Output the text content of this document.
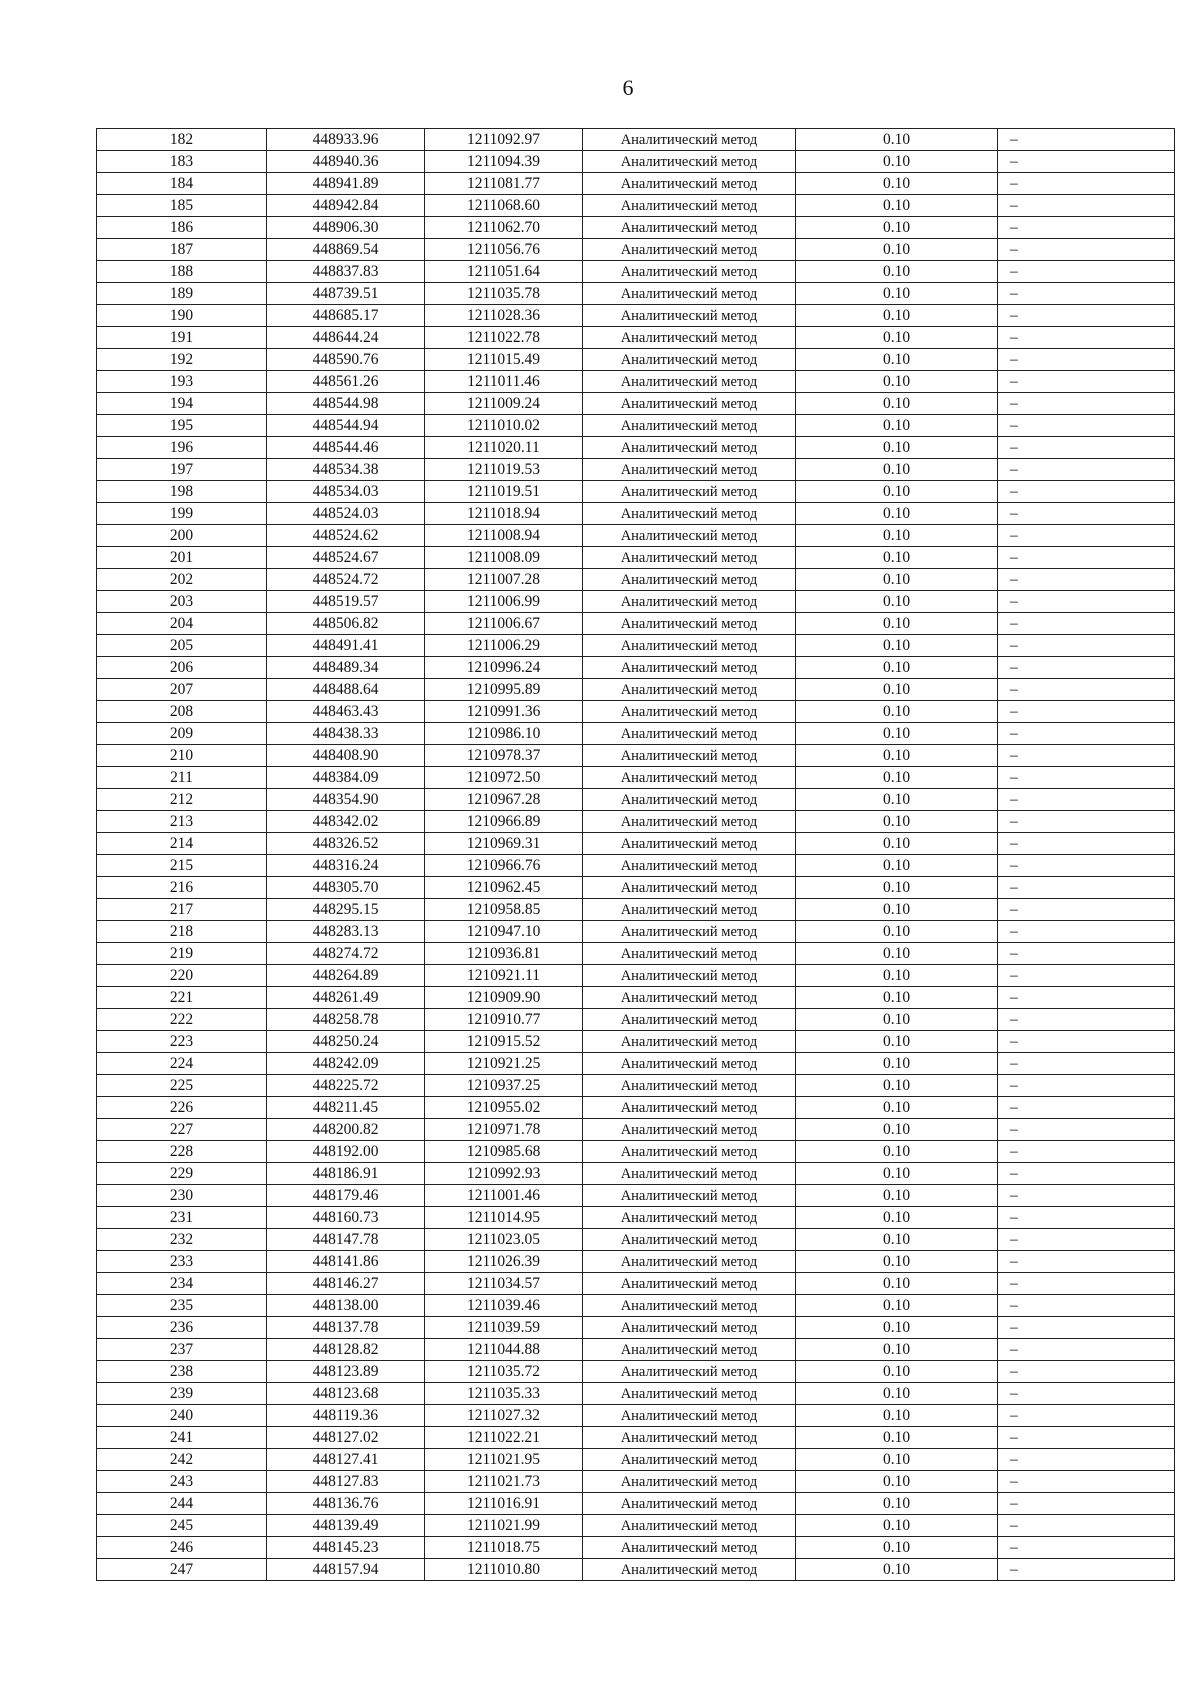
6
182	448933.96	1211092.97	Аналитический метод	0.10	–
183	448940.36	1211094.39	Аналитический метод	0.10	–
184	448941.89	1211081.77	Аналитический метод	0.10	–
185	448942.84	1211068.60	Аналитический метод	0.10	–
186	448906.30	1211062.70	Аналитический метод	0.10	–
187	448869.54	1211056.76	Аналитический метод	0.10	–
188	448837.83	1211051.64	Аналитический метод	0.10	–
189	448739.51	1211035.78	Аналитический метод	0.10	–
190	448685.17	1211028.36	Аналитический метод	0.10	–
191	448644.24	1211022.78	Аналитический метод	0.10	–
192	448590.76	1211015.49	Аналитический метод	0.10	–
193	448561.26	1211011.46	Аналитический метод	0.10	–
194	448544.98	1211009.24	Аналитический метод	0.10	–
195	448544.94	1211010.02	Аналитический метод	0.10	–
196	448544.46	1211020.11	Аналитический метод	0.10	–
197	448534.38	1211019.53	Аналитический метод	0.10	–
198	448534.03	1211019.51	Аналитический метод	0.10	–
199	448524.03	1211018.94	Аналитический метод	0.10	–
200	448524.62	1211008.94	Аналитический метод	0.10	–
201	448524.67	1211008.09	Аналитический метод	0.10	–
202	448524.72	1211007.28	Аналитический метод	0.10	–
203	448519.57	1211006.99	Аналитический метод	0.10	–
204	448506.82	1211006.67	Аналитический метод	0.10	–
205	448491.41	1211006.29	Аналитический метод	0.10	–
206	448489.34	1210996.24	Аналитический метод	0.10	–
207	448488.64	1210995.89	Аналитический метод	0.10	–
208	448463.43	1210991.36	Аналитический метод	0.10	–
209	448438.33	1210986.10	Аналитический метод	0.10	–
210	448408.90	1210978.37	Аналитический метод	0.10	–
211	448384.09	1210972.50	Аналитический метод	0.10	–
212	448354.90	1210967.28	Аналитический метод	0.10	–
213	448342.02	1210966.89	Аналитический метод	0.10	–
214	448326.52	1210969.31	Аналитический метод	0.10	–
215	448316.24	1210966.76	Аналитический метод	0.10	–
216	448305.70	1210962.45	Аналитический метод	0.10	–
217	448295.15	1210958.85	Аналитический метод	0.10	–
218	448283.13	1210947.10	Аналитический метод	0.10	–
219	448274.72	1210936.81	Аналитический метод	0.10	–
220	448264.89	1210921.11	Аналитический метод	0.10	–
221	448261.49	1210909.90	Аналитический метод	0.10	–
222	448258.78	1210910.77	Аналитический метод	0.10	–
223	448250.24	1210915.52	Аналитический метод	0.10	–
224	448242.09	1210921.25	Аналитический метод	0.10	–
225	448225.72	1210937.25	Аналитический метод	0.10	–
226	448211.45	1210955.02	Аналитический метод	0.10	–
227	448200.82	1210971.78	Аналитический метод	0.10	–
228	448192.00	1210985.68	Аналитический метод	0.10	–
229	448186.91	1210992.93	Аналитический метод	0.10	–
230	448179.46	1211001.46	Аналитический метод	0.10	–
231	448160.73	1211014.95	Аналитический метод	0.10	–
232	448147.78	1211023.05	Аналитический метод	0.10	–
233	448141.86	1211026.39	Аналитический метод	0.10	–
234	448146.27	1211034.57	Аналитический метод	0.10	–
235	448138.00	1211039.46	Аналитический метод	0.10	–
236	448137.78	1211039.59	Аналитический метод	0.10	–
237	448128.82	1211044.88	Аналитический метод	0.10	–
238	448123.89	1211035.72	Аналитический метод	0.10	–
239	448123.68	1211035.33	Аналитический метод	0.10	–
240	448119.36	1211027.32	Аналитический метод	0.10	–
241	448127.02	1211022.21	Аналитический метод	0.10	–
242	448127.41	1211021.95	Аналитический метод	0.10	–
243	448127.83	1211021.73	Аналитический метод	0.10	–
244	448136.76	1211016.91	Аналитический метод	0.10	–
245	448139.49	1211021.99	Аналитический метод	0.10	–
246	448145.23	1211018.75	Аналитический метод	0.10	–
247	448157.94	1211010.80	Аналитический метод	0.10	–
